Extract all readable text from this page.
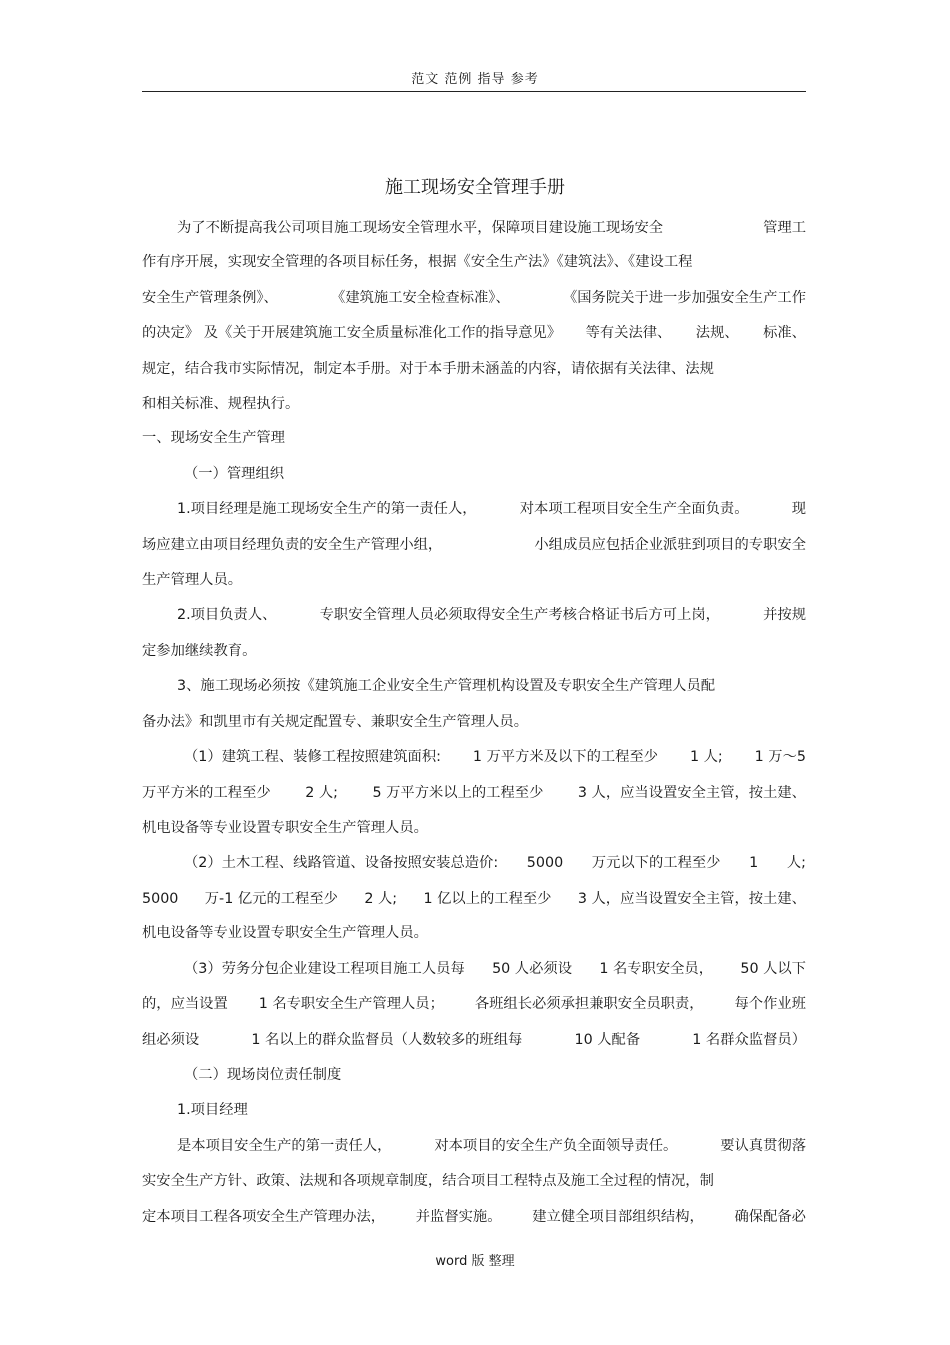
范文 范例 指导 参考
施工现场安全管理手册
为了不断提高我公司项目施工现场安全管理水平，保障项目建设施工现场安全	管理工
作有序开展，实现安全管理的各项目标任务，根据《安全生产法》《建筑法》、《建设工程
安全生产管理条例》、	《建筑施工安全检查标准》、	《国务院关于进一步加强安全生产工作
的决定》 及《关于开展建筑施工安全质量标准化工作的指导意见》 等有关法律、 法规、 标准、
规定，结合我市实际情况，制定本手册。对于本手册未涵盖的内容，请依据有关法律、法规
和相关标准、规程执行。
一、现场安全生产管理
（一）管理组织
1.项目经理是施工现场安全生产的第一责任人，	对本项工程项目安全生产全面负责。	现
场应建立由项目经理负责的安全生产管理小组，	小组成员应包括企业派驻到项目的专职安全
生产管理人员。
2.项目负责人、	专职安全管理人员必须取得安全生产考核合格证书后方可上岗，	并按规
定参加继续教育。
3、施工现场必须按《建筑施工企业安全生产管理机构设置及专职安全生产管理人员配
备办法》和凯里市有关规定配置专、兼职安全生产管理人员。
（1）建筑工程、装修工程按照建筑面积: 1 万平方米及以下的工程至少 1 人; 1 万～5
万平方米的工程至少 2 人; 5 万平方米以上的工程至少 3 人，应当设置安全主管，按土建、
机电设备等专业设置专职安全生产管理人员。
（2）土木工程、线路管道、设备按照安装总造价: 5000 万元以下的工程至少 1 人;
5000 万-1 亿元的工程至少 2 人; 1 亿以上的工程至少 3 人，应当设置安全主管，按土建、
机电设备等专业设置专职安全生产管理人员。
（3）劳务分包企业建设工程项目施工人员每 50 人必须设 1 名专职安全员， 50 人以下
的，应当设置 1 名专职安全生产管理人员； 各班组长必须承担兼职安全员职责， 每个作业班
组必须设	1 名以上的群众监督员（人数较多的班组每	10 人配备	1 名群众监督员）
（二）现场岗位责任制度
1.项目经理
是本项目安全生产的第一责任人，	对本项目的安全生产负全面领导责任。	要认真贯彻落
实安全生产方针、政策、法规和各项规章制度，结合项目工程特点及施工全过程的情况，制
定本项目工程各项安全生产管理办法， 并监督实施。 建立健全项目部组织结构， 确保配备必
word 版 整理
